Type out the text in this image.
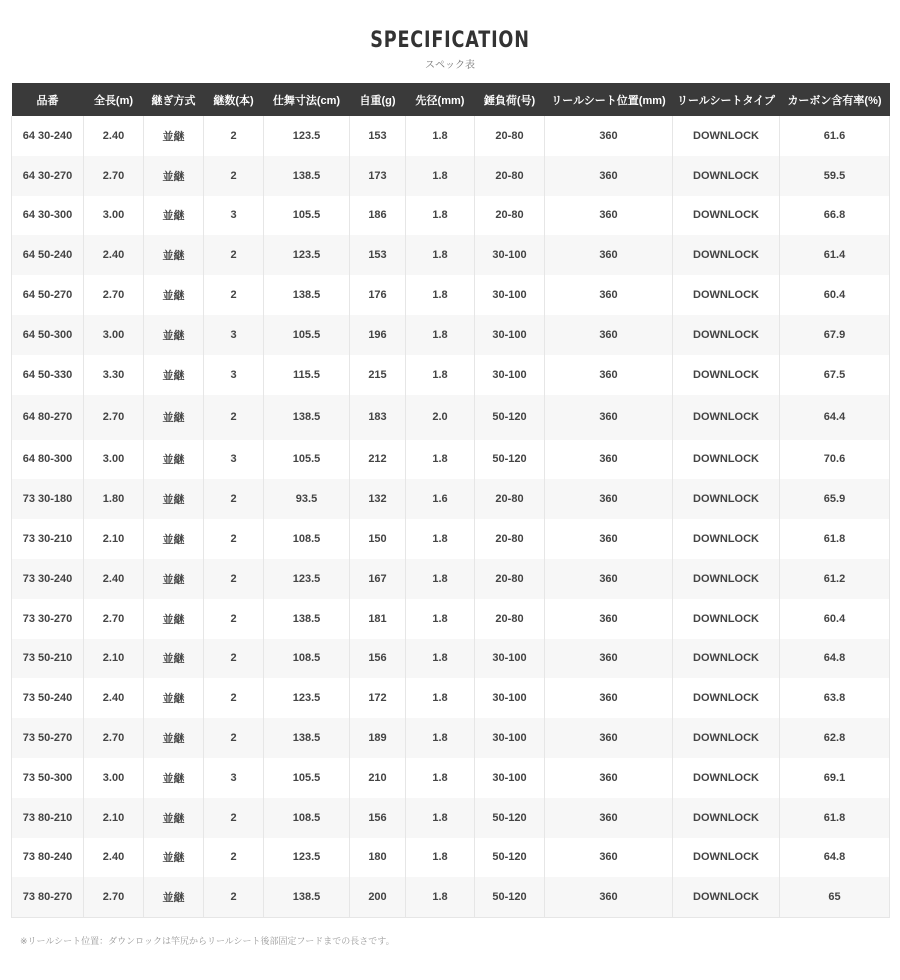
SPECIFICATION
スペック表
品番	全長(m)	継ぎ方式	継数(本)	仕舞寸法(cm)	自重(g)	先径(mm)	錘負荷(号)	リールシート位置(mm)	リールシートタイプ	カーボン含有率(%)
64 30-240	2.40	並継	2	123.5	153	1.8	20-80	360	DOWNLOCK	61.6
64 30-270	2.70	並継	2	138.5	173	1.8	20-80	360	DOWNLOCK	59.5
64 30-300	3.00	並継	3	105.5	186	1.8	20-80	360	DOWNLOCK	66.8
64 50-240	2.40	並継	2	123.5	153	1.8	30-100	360	DOWNLOCK	61.4
64 50-270	2.70	並継	2	138.5	176	1.8	30-100	360	DOWNLOCK	60.4
64 50-300	3.00	並継	3	105.5	196	1.8	30-100	360	DOWNLOCK	67.9
64 50-330	3.30	並継	3	115.5	215	1.8	30-100	360	DOWNLOCK	67.5
64 80-270	2.70	並継	2	138.5	183	2.0	50-120	360	DOWNLOCK	64.4
64 80-300	3.00	並継	3	105.5	212	1.8	50-120	360	DOWNLOCK	70.6
73 30-180	1.80	並継	2	93.5	132	1.6	20-80	360	DOWNLOCK	65.9
73 30-210	2.10	並継	2	108.5	150	1.8	20-80	360	DOWNLOCK	61.8
73 30-240	2.40	並継	2	123.5	167	1.8	20-80	360	DOWNLOCK	61.2
73 30-270	2.70	並継	2	138.5	181	1.8	20-80	360	DOWNLOCK	60.4
73 50-210	2.10	並継	2	108.5	156	1.8	30-100	360	DOWNLOCK	64.8
73 50-240	2.40	並継	2	123.5	172	1.8	30-100	360	DOWNLOCK	63.8
73 50-270	2.70	並継	2	138.5	189	1.8	30-100	360	DOWNLOCK	62.8
73 50-300	3.00	並継	3	105.5	210	1.8	30-100	360	DOWNLOCK	69.1
73 80-210	2.10	並継	2	108.5	156	1.8	50-120	360	DOWNLOCK	61.8
73 80-240	2.40	並継	2	123.5	180	1.8	50-120	360	DOWNLOCK	64.8
73 80-270	2.70	並継	2	138.5	200	1.8	50-120	360	DOWNLOCK	65
※リールシート位置：ダウンロックは竿尻からリールシート後部固定フードまでの長さです。
